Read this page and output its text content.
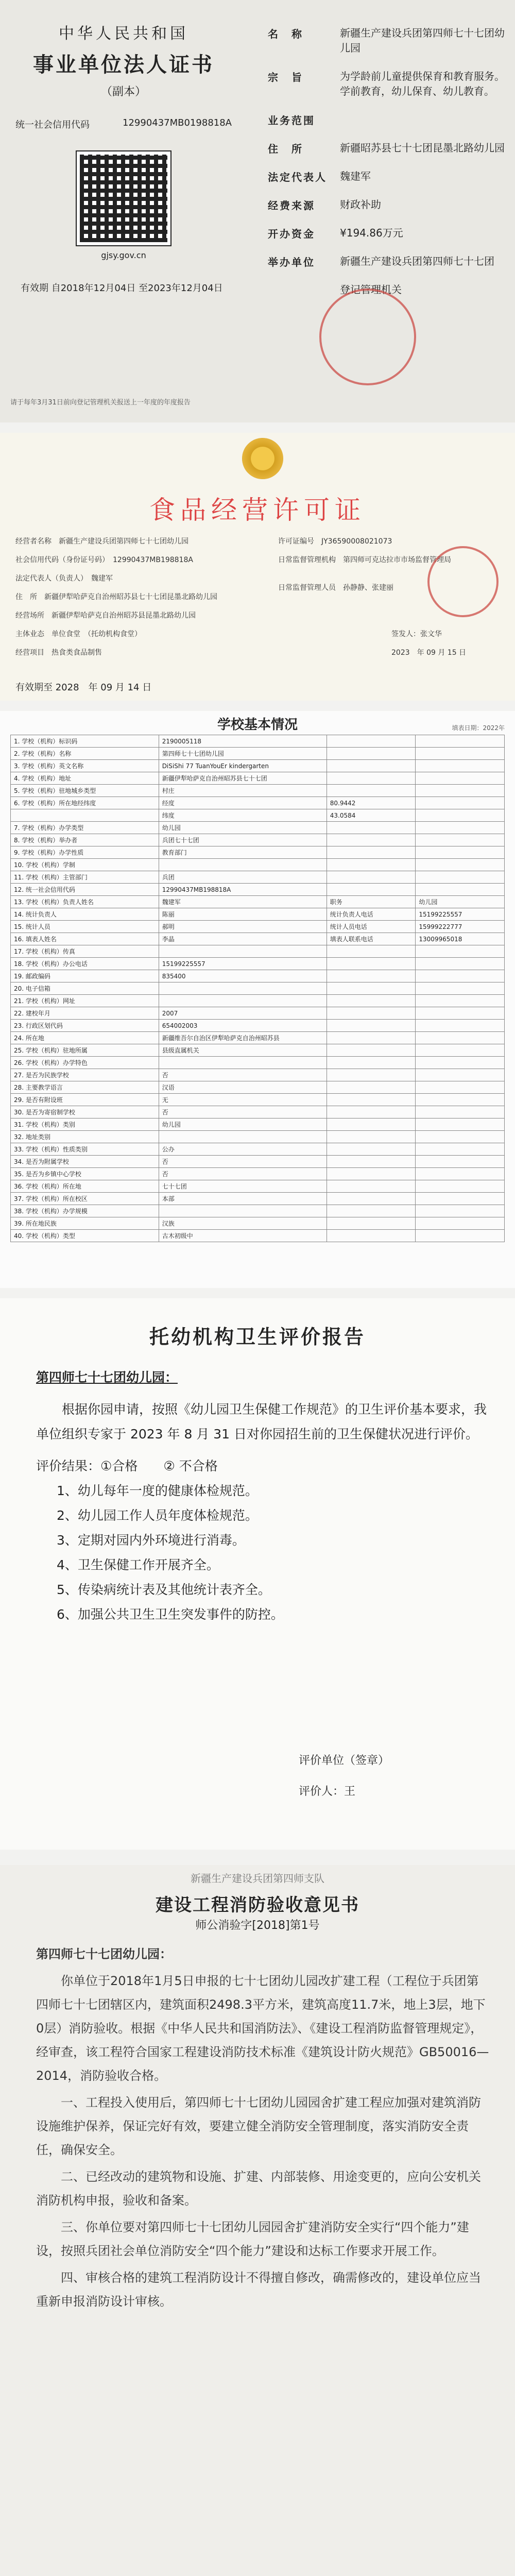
中华人民共和国
事业单位法人证书
（副本）
统一社会信用代码	12990437MB0198818A
gjsy.gov.cn
有效期 自2018年12月04日 至2023年12月04日
名　称	新疆生产建设兵团第四师七十七团幼儿园
宗　旨	为学龄前儿童提供保育和教育服务。学前教育，幼儿保育、幼儿教育。
业务范围
住　所	新疆昭苏县七十七团昆墨北路幼儿园
法定代表人	魏建军
经费来源	财政补助
开办资金	¥194.86万元
举办单位	新疆生产建设兵团第四师七十七团
登记管理机关
请于每年3月31日前向登记管理机关报送上一年度的年度报告
食品经营许可证
经营者名称　 新疆生产建设兵团第四师七十七团幼儿园
社会信用代码（身份证号码）　 12990437MB198818A
法定代表人（负责人）　 魏建军
住　所　 新疆伊犁哈萨克自治州昭苏县七十七团昆墨北路幼儿园
经营场所　 新疆伊犁哈萨克自治州昭苏县昆墨北路幼儿园
主体业态　 单位食堂　（托幼机构食堂）
经营项目　 热食类食品制售
许可证编号　 JY36590008021073
日常监督管理机构　 第四师可克达拉市市场监督管理局
日常监督管理人员　 孙静静、张建丽
签发人：张文华
2023　年 09 月 15 日
有效期至 2028　年 09 月 14 日
学校基本情况	填表日期：2022年
1. 学校（机构）标识码	2190005118		
2. 学校（机构）名称	第四师七十七团幼儿园		
3. 学校（机构）英文名称	DiSiShi 77 TuanYouEr kindergarten		
4. 学校（机构）地址	新疆伊犁哈萨克自治州昭苏县七十七团		
5. 学校（机构）驻地城乡类型	村庄		
6. 学校（机构）所在地经纬度	经度	80.9442	
	纬度	43.0584	
7. 学校（机构）办学类型	幼儿园		
8. 学校（机构）举办者	兵团七十七团		
9. 学校（机构）办学性质	教育部门		
10. 学校（机构）学制			
11. 学校（机构）主管部门	兵团		
12. 统一社会信用代码	12990437MB198818A		
13. 学校（机构）负责人姓名	魏建军	职务	幼儿园
14. 统计负责人	陈丽	统计负责人电话	15199225557
15. 统计人员	郝明	统计人员电话	15999222777
16. 填表人姓名	李晶	填表人联系电话	13009965018
17. 学校（机构）传真			
18. 学校（机构）办公电话	15199225557		
19. 邮政编码	835400		
20. 电子信箱			
21. 学校（机构）网址			
22. 建校年月	2007		
23. 行政区划代码	654002003		
24. 所在地	新疆维吾尔自治区伊犁哈萨克自治州昭苏县		
25. 学校（机构）驻地所属	县级直属机关		
26. 学校（机构）办学特色			
27. 是否为民族学校	否		
28. 主要教学语言	汉语		
29. 是否有附设班	无		
30. 是否为寄宿制学校	否		
31. 学校（机构）类别	幼儿园		
32. 地址类别			
33. 学校（机构）性质类别	公办		
34. 是否为附属学校	否		
35. 是否为乡镇中心学校	否		
36. 学校（机构）所在地	七十七团		
37. 学校（机构）所在校区	本部		
38. 学校（机构）办学规模			
39. 所在地民族	汉族		
40. 学校（机构）类型	古木初级中		
托幼机构卫生评价报告

第四师七十七团幼儿园：

根据你园申请，按照《幼儿园卫生保健工作规范》的卫生评价基本要求，我单位组织专家于 2023 年 8 月 31 日对你园招生前的卫生保健状况进行评价。

评价结果：①合格　　② 不合格

1、幼儿每年一度的健康体检规范。

2、幼儿园工作人员年度体检规范。

3、定期对园内外环境进行消毒。

4、卫生保健工作开展齐全。

5、传染病统计表及其他统计表齐全。

6、加强公共卫生卫生突发事件的防控。

评价单位（签章）
评价人：王
新疆生产建设兵团第四师支队
建设工程消防验收意见书
师公消验字[2018]第1号

第四师七十七团幼儿园：

你单位于2018年1月5日申报的七十七团幼儿园改扩建工程（工程位于兵团第四师七十七团辖区内，建筑面积2498.3平方米，建筑高度11.7米，地上3层，地下0层）消防验收。根据《中华人民共和国消防法》、《建设工程消防监督管理规定》，经审查，该工程符合国家工程建设消防技术标准《建筑设计防火规范》GB50016—2014，消防验收合格。

一、工程投入使用后，第四师七十七团幼儿园园舍扩建工程应加强对建筑消防设施维护保养，保证完好有效，要建立健全消防安全管理制度，落实消防安全责任，确保安全。

二、已经改动的建筑物和设施、扩建、内部装修、用途变更的，应向公安机关消防机构申报，验收和备案。

三、你单位要对第四师七十七团幼儿园园舍扩建消防安全实行“四个能力”建设，按照兵团社会单位消防安全“四个能力”建设和达标工作要求开展工作。

四、审核合格的建筑工程消防设计不得擅自修改，确需修改的，建设单位应当重新申报消防设计审核。
